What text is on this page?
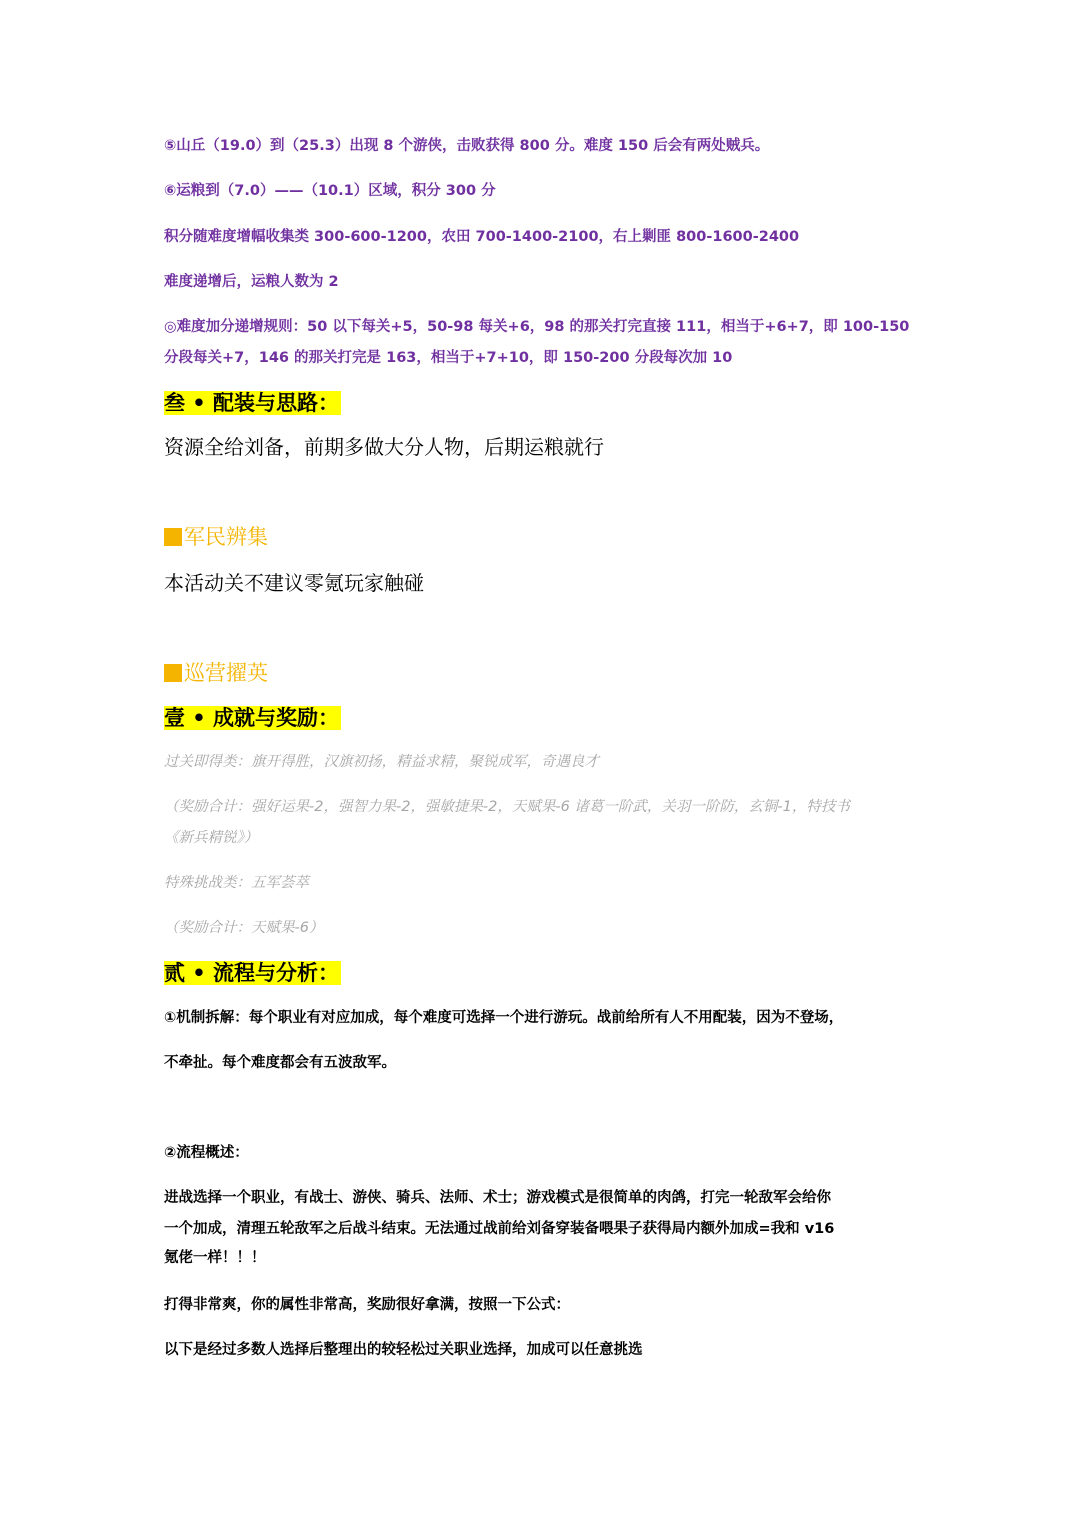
⑤山丘（19.0）到（25.3）出现 8 个游侠，击败获得 800 分。难度 150 后会有两处贼兵。
⑥运粮到（7.0）——（10.1）区域，积分 300 分
积分随难度增幅收集类 300-600-1200，农田 700-1400-2100，右上剿匪 800-1600-2400
难度递增后，运粮人数为 2
◎难度加分递增规则：50 以下每关+5，50-98 每关+6，98 的那关打完直接 111，相当于+6+7，即 100-150
分段每关+7，146 的那关打完是 163，相当于+7+10，即 150-200 分段每次加 10
叁 • 配装与思路：
资源全给刘备，前期多做大分人物，后期运粮就行
军民辨集
本活动关不建议零氪玩家触碰
巡营擢英
壹 • 成就与奖励：
过关即得类：旗开得胜，汉旗初扬，精益求精，聚锐成军，奇遇良才
（奖励合计：强好运果-2，强智力果-2，强敏捷果-2，天赋果-6 诸葛一阶武，关羽一阶防，玄铜-1，特技书
《新兵精锐》）
特殊挑战类：五军荟萃
（奖励合计：天赋果-6）
贰 • 流程与分析：
①机制拆解：每个职业有对应加成，每个难度可选择一个进行游玩。战前给所有人不用配装，因为不登场，
不牵扯。每个难度都会有五波敌军。
②流程概述：
进战选择一个职业，有战士、游侠、骑兵、法师、术士；游戏模式是很简单的肉鸽，打完一轮敌军会给你
一个加成，清理五轮敌军之后战斗结束。无法通过战前给刘备穿装备喂果子获得局内额外加成=我和 v16
氪佬一样！！！
打得非常爽，你的属性非常高，奖励很好拿满，按照一下公式：
以下是经过多数人选择后整理出的较轻松过关职业选择，加成可以任意挑选
